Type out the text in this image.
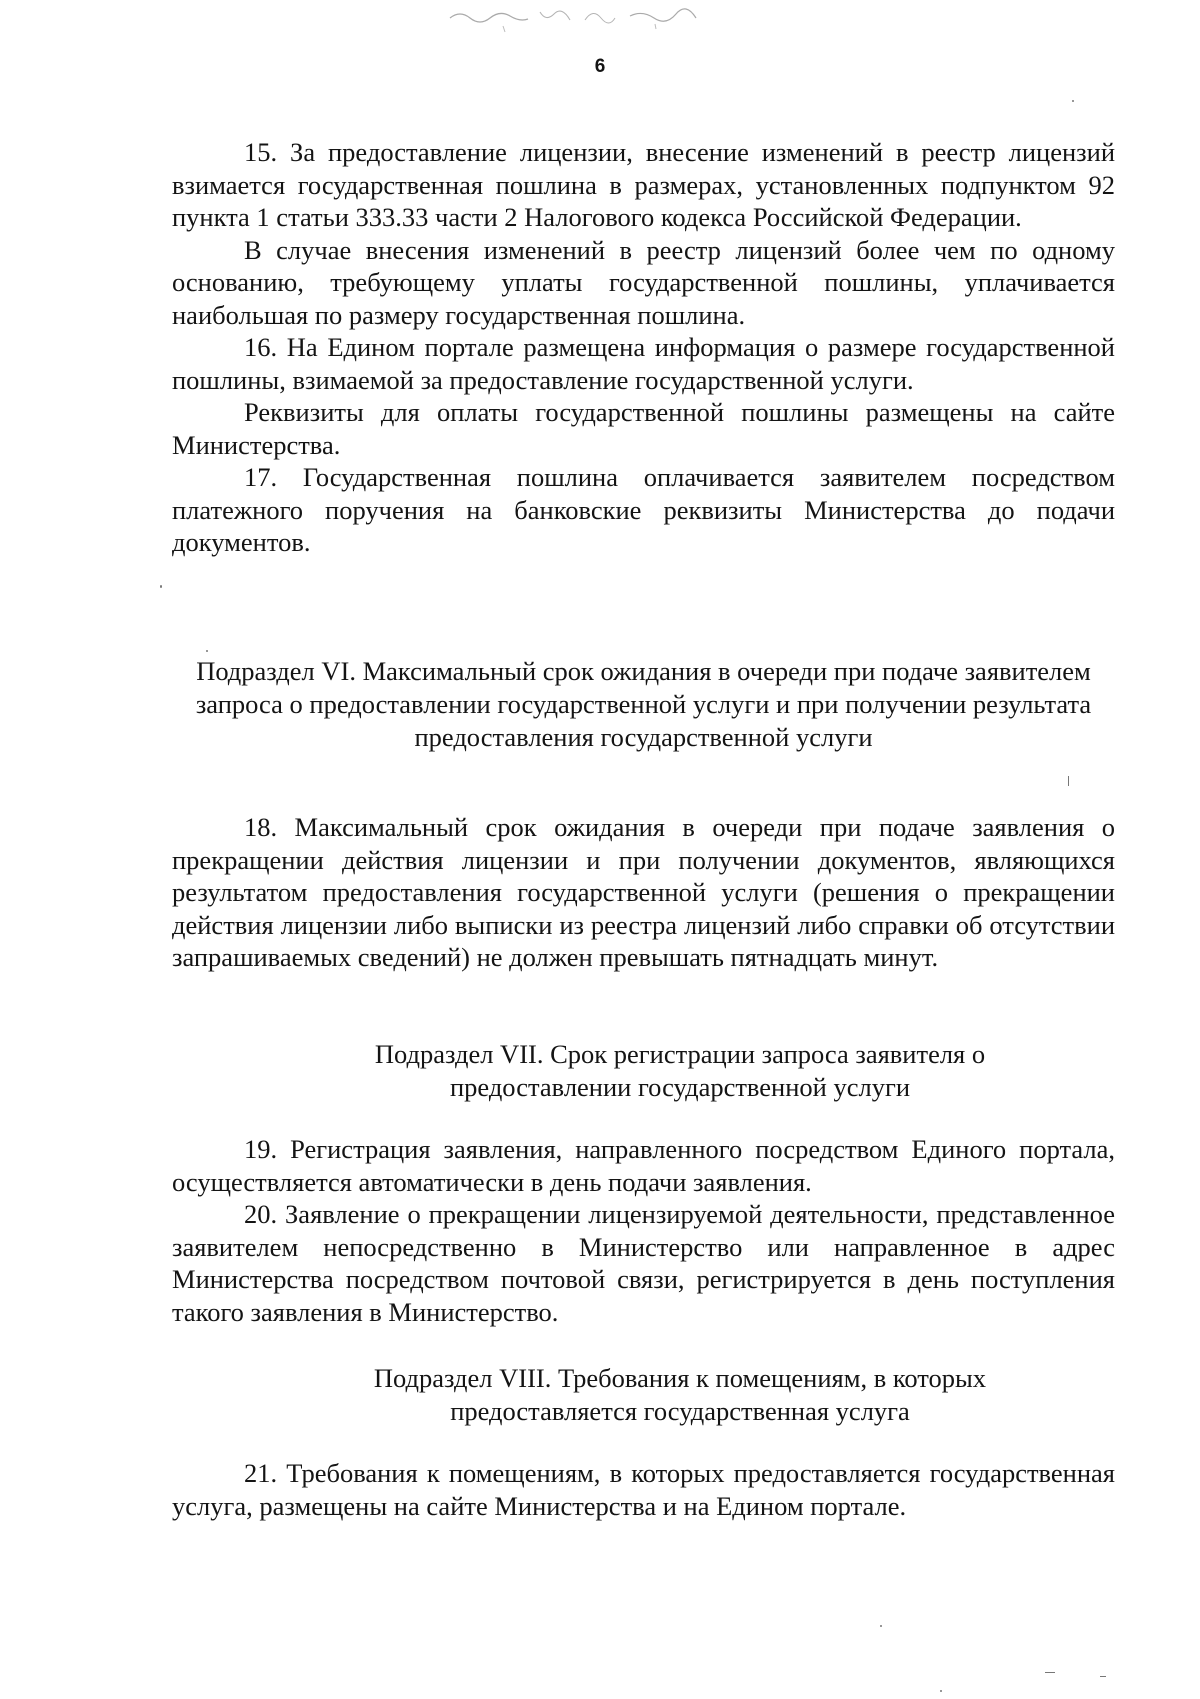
6

15. За предоставление лицензии, внесение изменений в реестр лицензий взимается государственная пошлина в размерах, установленных подпунктом 92 пункта 1 статьи 333.33 части 2 Налогового кодекса Российской Федерации.

В случае внесения изменений в реестр лицензий более чем по одному основанию, требующему уплаты государственной пошлины, уплачивается наибольшая по размеру государственная пошлина.

16. На Едином портале размещена информация о размере государственной пошлины, взимаемой за предоставление государственной услуги.

Реквизиты для оплаты государственной пошлины размещены на сайте Министерства.

17. Государственная пошлина оплачивается заявителем посредством платежного поручения на банковские реквизиты Министерства до подачи документов.

Подраздел VI. Максимальный срок ожидания в очереди при подаче заявителем запроса о предоставлении государственной услуги и при получении результата предоставления государственной услуги

18. Максимальный срок ожидания в очереди при подаче заявления о прекращении действия лицензии и при получении документов, являющихся результатом предоставления государственной услуги (решения о прекращении действия лицензии либо выписки из реестра лицензий либо справки об отсутствии запрашиваемых сведений) не должен превышать пятнадцать минут.

Подраздел VII. Срок регистрации запроса заявителя о предоставлении государственной услуги

19. Регистрация заявления, направленного посредством Единого портала, осуществляется автоматически в день подачи заявления.

20. Заявление о прекращении лицензируемой деятельности, представленное заявителем непосредственно в Министерство или направленное в адрес Министерства посредством почтовой связи, регистрируется в день поступления такого заявления в Министерство.

Подраздел VIII. Требования к помещениям, в которых предоставляется государственная услуга

21. Требования к помещениям, в которых предоставляется государственная услуга, размещены на сайте Министерства и на Едином портале.
